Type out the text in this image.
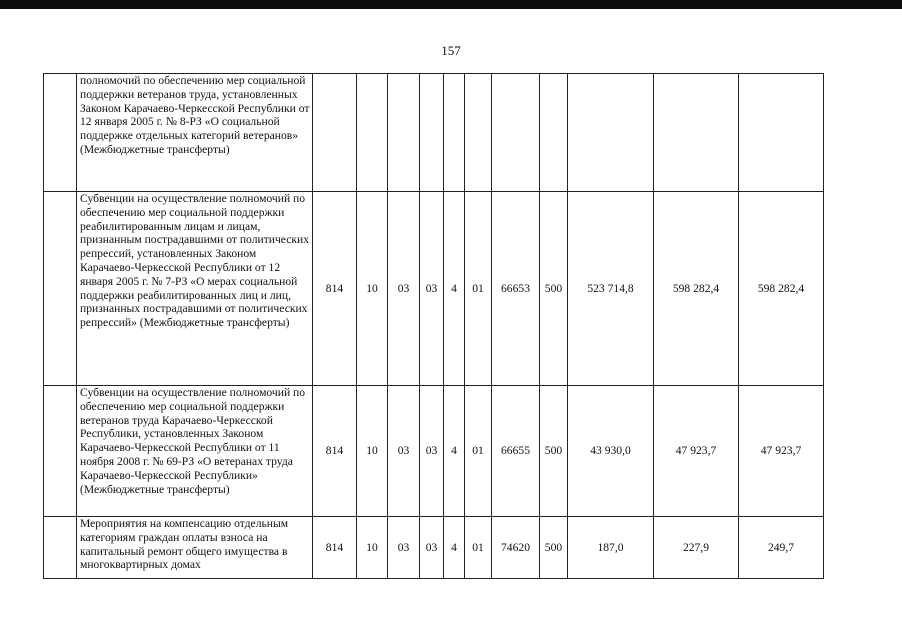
157
	полномочий по обеспечению мер социальной поддержки ветеранов труда, установленных Законом Карачаево-Черкесской Республики от 12 января 2005 г. № 8-РЗ «О социальной поддержке отдельных категорий ветеранов» (Межбюджетные трансферты)											
	Субвенции на осуществление полномочий по обеспечению мер социальной поддержки реабилитированным лицам и лицам, признанным пострадавшими от политических репрессий, установленных Законом Карачаево-Черкесской Республики от 12 января 2005 г. № 7-РЗ «О мерах социальной поддержки реабилитированных лиц и лиц, признанных пострадавшими от политических репрессий» (Межбюджетные трансферты)	814	10	03	03	4	01	66653	500	523 714,8	598 282,4	598 282,4
	Субвенции на осуществление полномочий по обеспечению мер социальной поддержки ветеранов труда Карачаево-Черкесской Республики, установленных Законом Карачаево-Черкесской Республики от 11 ноября 2008 г. № 69-РЗ «О ветеранах труда Карачаево-Черкесской Республики» (Межбюджетные трансферты)	814	10	03	03	4	01	66655	500	43 930,0	47 923,7	47 923,7
	Мероприятия на компенсацию отдельным категориям граждан оплаты взноса на капитальный ремонт общего имущества в многоквартирных домах	814	10	03	03	4	01	74620	500	187,0	227,9	249,7
